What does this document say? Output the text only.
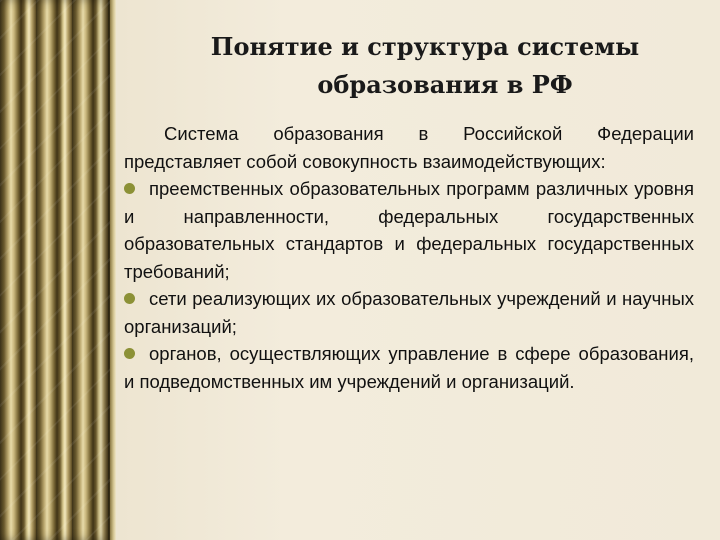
Понятие и структура системы
образования в РФ

Система образования в Российской Федерации представляет собой совокупность взаимодействующих:

преемственных образовательных программ различных уровня и направленности, федеральных государственных образовательных стандартов и федеральных государственных требований;

сети реализующих их образовательных учреждений и научных организаций;

органов, осуществляющих управление в сфере образования, и подведомственных им учреждений и организаций.
